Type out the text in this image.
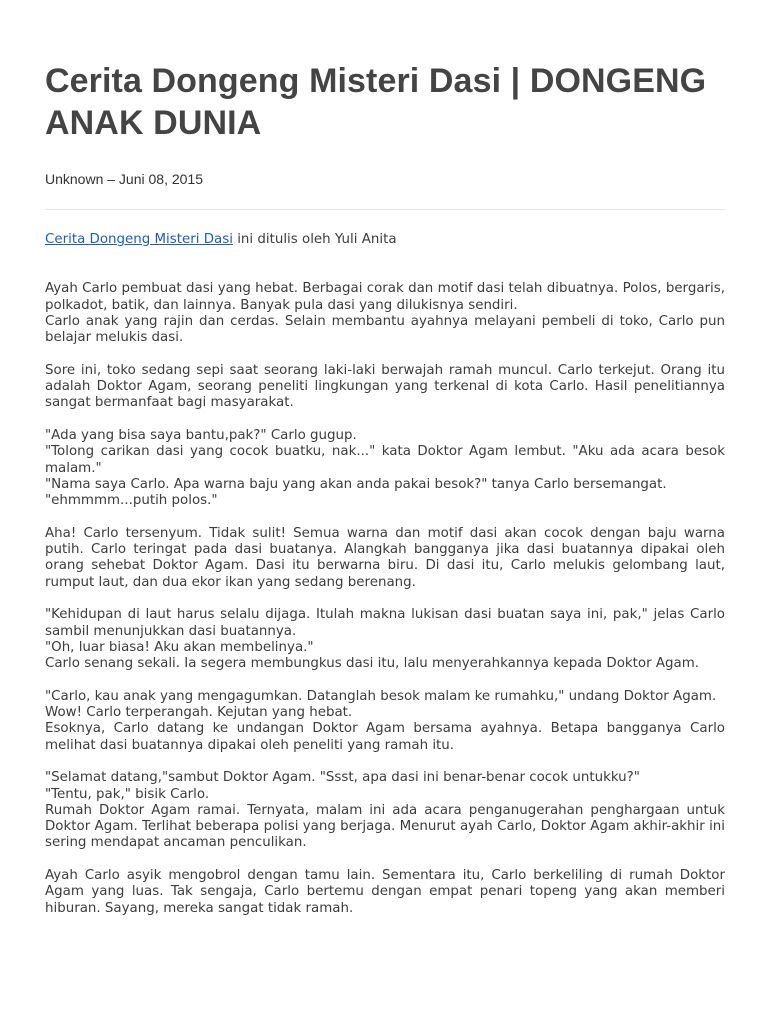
Cerita Dongeng Misteri Dasi | DONGENG ANAK DUNIA
Unknown – Juni 08, 2015

Cerita Dongeng Misteri Dasi ini ditulis oleh Yuli Anita

Ayah Carlo pembuat dasi yang hebat. Berbagai corak dan motif dasi telah dibuatnya. Polos, bergaris, polkadot, batik, dan lainnya. Banyak pula dasi yang dilukisnya sendiri.
Carlo anak yang rajin dan cerdas. Selain membantu ayahnya melayani pembeli di toko, Carlo pun belajar melukis dasi.

Sore ini, toko sedang sepi saat seorang laki-laki berwajah ramah muncul. Carlo terkejut. Orang itu adalah Doktor Agam, seorang peneliti lingkungan yang terkenal di kota Carlo. Hasil penelitiannya sangat bermanfaat bagi masyarakat.

"Ada yang bisa saya bantu,pak?" Carlo gugup.
"Tolong carikan dasi yang cocok buatku, nak..." kata Doktor Agam lembut. "Aku ada acara besok malam."
"Nama saya Carlo. Apa warna baju yang akan anda pakai besok?" tanya Carlo bersemangat.
"ehmmmm...putih polos."

Aha! Carlo tersenyum. Tidak sulit! Semua warna dan motif dasi akan cocok dengan baju warna putih. Carlo teringat pada dasi buatanya. Alangkah bangganya jika dasi buatannya dipakai oleh orang sehebat Doktor Agam. Dasi itu berwarna biru. Di dasi itu, Carlo melukis gelombang laut, rumput laut, dan dua ekor ikan yang sedang berenang.

"Kehidupan di laut harus selalu dijaga. Itulah makna lukisan dasi buatan saya ini, pak," jelas Carlo sambil menunjukkan dasi buatannya.
"Oh, luar biasa! Aku akan membelinya."
Carlo senang sekali. Ia segera membungkus dasi itu, lalu menyerahkannya kepada Doktor Agam.

"Carlo, kau anak yang mengagumkan. Datanglah besok malam ke rumahku," undang Doktor Agam.
Wow! Carlo terperangah. Kejutan yang hebat.
Esoknya, Carlo datang ke undangan Doktor Agam bersama ayahnya. Betapa bangganya Carlo melihat dasi buatannya dipakai oleh peneliti yang ramah itu.

"Selamat datang,"sambut Doktor Agam. "Ssst, apa dasi ini benar-benar cocok untukku?"
"Tentu, pak," bisik Carlo.
Rumah Doktor Agam ramai. Ternyata, malam ini ada acara penganugerahan penghargaan untuk Doktor Agam. Terlihat beberapa polisi yang berjaga. Menurut ayah Carlo, Doktor Agam akhir-akhir ini sering mendapat ancaman penculikan.

Ayah Carlo asyik mengobrol dengan tamu lain. Sementara itu, Carlo berkeliling di rumah Doktor Agam yang luas. Tak sengaja, Carlo bertemu dengan empat penari topeng yang akan memberi hiburan. Sayang, mereka sangat tidak ramah.
